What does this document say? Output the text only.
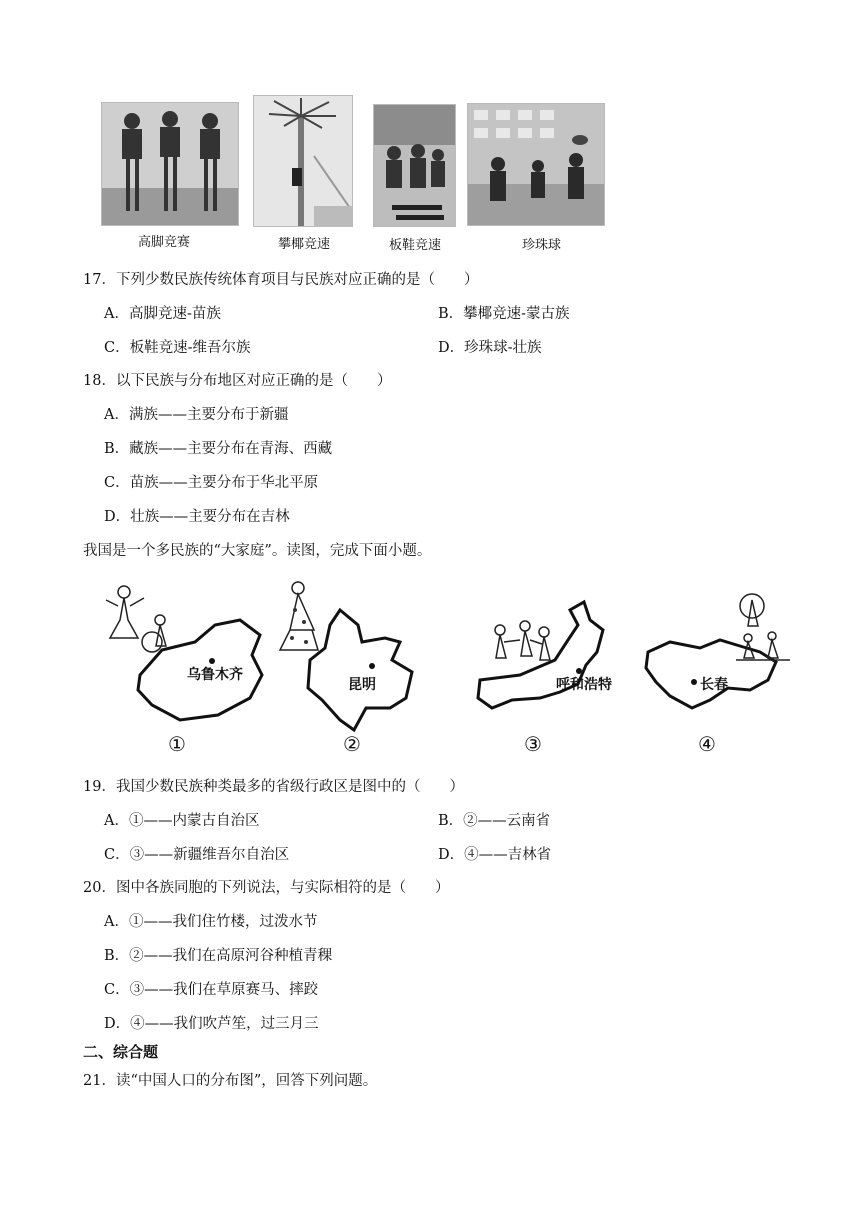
高脚竞赛	攀椰竞速	板鞋竞速	珍珠球
17．下列少数民族传统体育项目与民族对应正确的是（　　）
A．高脚竞速-苗族	B．攀椰竞速-蒙古族
C．板鞋竞速-维吾尔族	D．珍珠球-壮族
18．以下民族与分布地区对应正确的是（　　）
A．满族——主要分布于新疆
B．藏族——主要分布在青海、西藏
C．苗族——主要分布于华北平原
D．壮族——主要分布在吉林
我国是一个多民族的“大家庭”。读图，完成下面小题。
乌鲁木齐
昆明	呼和浩特	长春
①	②	③	④
19．我国少数民族种类最多的省级行政区是图中的（　　）
A．①——内蒙古自治区	B．②——云南省
C．③——新疆维吾尔自治区	D．④——吉林省
20．图中各族同胞的下列说法，与实际相符的是（　　）
A．①——我们住竹楼，过泼水节
B．②——我们在高原河谷种植青稞
C．③——我们在草原赛马、摔跤
D．④——我们吹芦笙，过三月三
二、综合题
21．读“中国人口的分布图”，回答下列问题。
